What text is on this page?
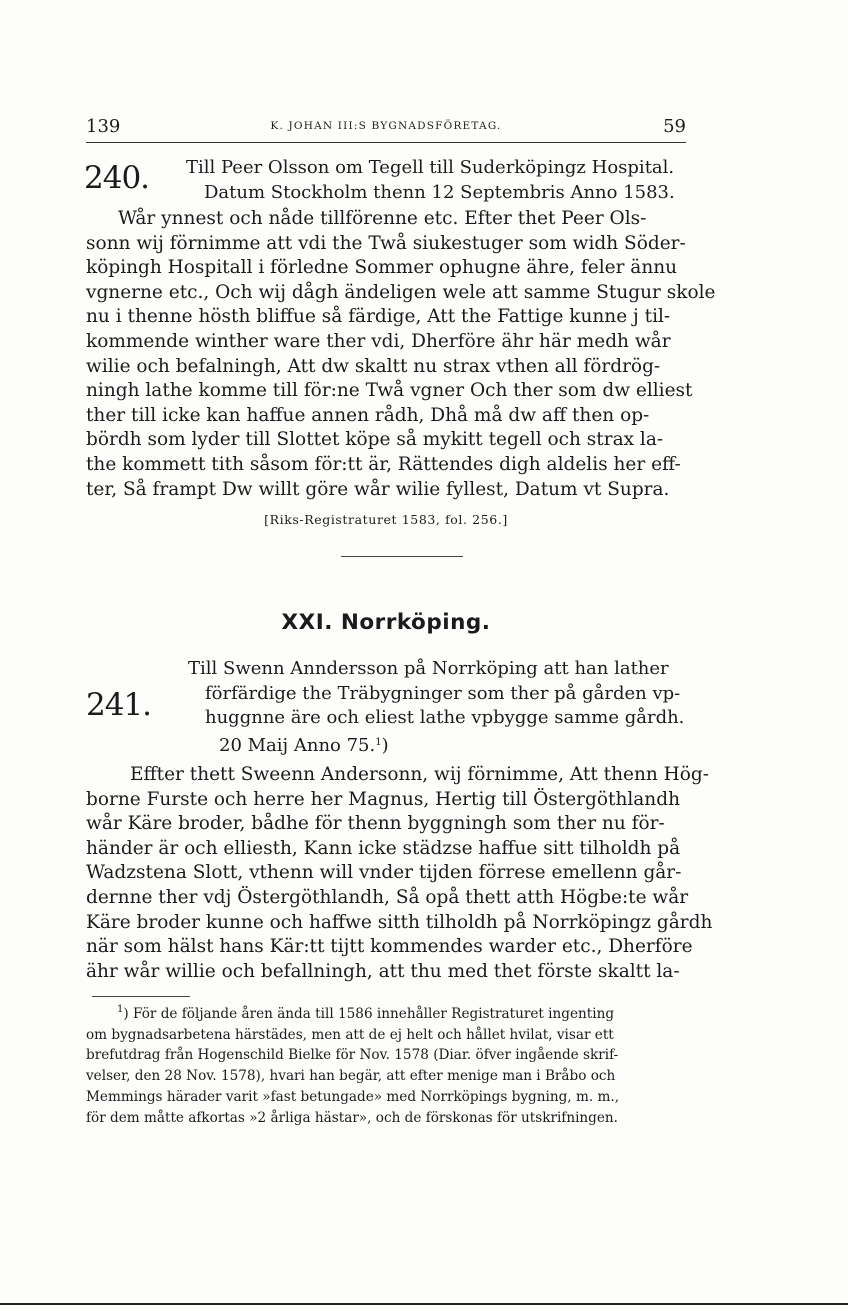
139	K. JOHAN III:S BYGNADSFÖRETAG.	59
240. Till Peer Olsson om Tegell till Suderköpingz Hospital.
Datum Stockholm thenn 12 Septembris Anno 1583.
Wår ynnest och nåde tillförenne etc. Efter thet Peer Ols-
sonn wij förnimme att vdi the Twå siukestuger som widh Söder-
köpingh Hospitall i förledne Sommer ophugne ähre, feler ännu
vgnerne etc., Och wij dågh ändeligen wele att samme Stugur skole
nu i thenne hösth bliffue så färdige, Att the Fattige kunne j til-
kommende winther ware ther vdi, Dherföre ähr här medh wår
wilie och befalningh, Att dw skaltt nu strax vthen all fördrög-
ningh lathe komme till för:ne Twå vgner Och ther som dw elliest
ther till icke kan haffue annen rådh, Dhå må dw aff then op-
bördh som lyder till Slottet köpe så mykitt tegell och strax la-
the kommett tith såsom för:tt är, Rättendes digh aldelis her eff-
ter, Så frampt Dw willt göre wår wilie fyllest, Datum vt Supra.
[Riks-Registraturet 1583, fol. 256.]
XXI. Norrköping.
241.
Till Swenn Anndersson på Norrköping att han lather
förfärdige the Träbygninger som ther på gården vp-
huggnne äre och eliest lathe vpbygge samme gårdh.
20 Maij Anno 75.$^1$)
Effter thett Sweenn Andersonn, wij förnimme, Att thenn Hög-
borne Furste och herre her Magnus, Hertig till Östergöthlandh
wår Käre broder, bådhe för thenn byggningh som ther nu för-
händer är och elliesth, Kann icke städzse haffue sitt tilholdh på
Wadzstena Slott, vthenn will vnder tijden förrese emellenn går-
dernne ther vdj Östergöthlandh, Så opå thett atth Högbe:te wår
Käre broder kunne och haffwe sitth tilholdh på Norrköpingz gårdh
när som hälst hans Kär:tt tijtt kommendes warder etc., Dherföre
ähr wår willie och befallningh, att thu med thet förste skaltt la-
$^1$) För de följande åren ända till 1586 innehåller Registraturet ingenting
om bygnadsarbetena härstädes, men att de ej helt och hållet hvilat, visar ett
brefutdrag från Hogenschild Bielke för Nov. 1578 (Diar. öfver ingående skrif-
velser, den 28 Nov. 1578), hvari han begär, att efter menige man i Bråbo och
Memmings härader varit »fast betungade» med Norrköpings bygning, m. m.,
för dem måtte afkortas »2 årliga hästar», och de förskonas för utskrifningen.
